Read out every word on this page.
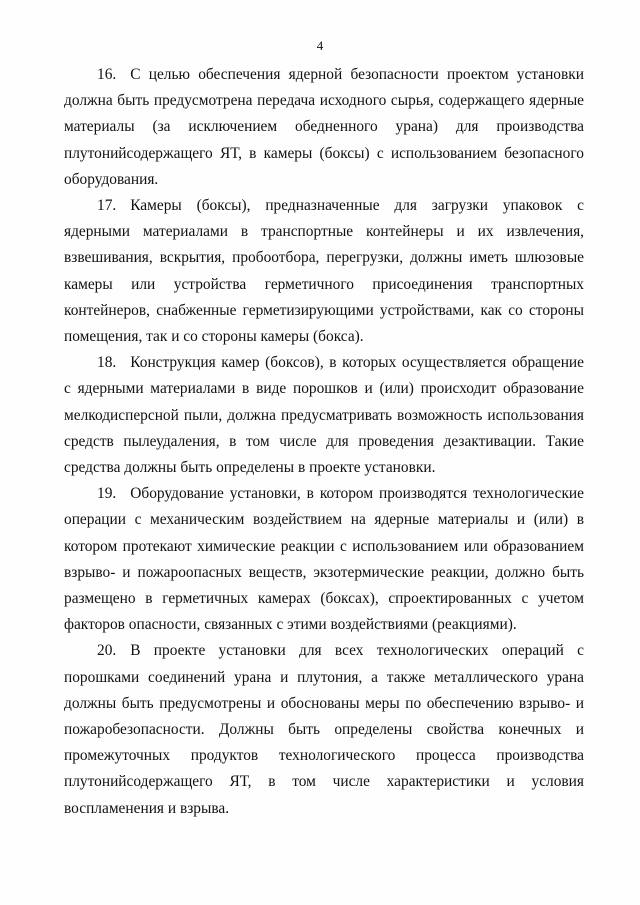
4

16. С целью обеспечения ядерной безопасности проектом установки должна быть предусмотрена передача исходного сырья, содержащего ядерные материалы (за исключением обедненного урана) для производства плутонийсодержащего ЯТ, в камеры (боксы) с использованием безопасного оборудования.

17. Камеры (боксы), предназначенные для загрузки упаковок с ядерными материалами в транспортные контейнеры и их извлечения, взвешивания, вскрытия, пробоотбора, перегрузки, должны иметь шлюзовые камеры или устройства герметичного присоединения транспортных контейнеров, снабженные герметизирующими устройствами, как со стороны помещения, так и со стороны камеры (бокса).

18. Конструкция камер (боксов), в которых осуществляется обращение с ядерными материалами в виде порошков и (или) происходит образование мелкодисперсной пыли, должна предусматривать возможность использования средств пылеудаления, в том числе для проведения дезактивации. Такие средства должны быть определены в проекте установки.

19. Оборудование установки, в котором производятся технологические операции с механическим воздействием на ядерные материалы и (или) в котором протекают химические реакции с использованием или образованием взрыво- и пожароопасных веществ, экзотермические реакции, должно быть размещено в герметичных камерах (боксах), спроектированных с учетом факторов опасности, связанных с этими воздействиями (реакциями).

20. В проекте установки для всех технологических операций с порошками соединений урана и плутония, а также металлического урана должны быть предусмотрены и обоснованы меры по обеспечению взрыво- и пожаробезопасности. Должны быть определены свойства конечных и промежуточных продуктов технологического процесса производства плутонийсодержащего ЯТ, в том числе характеристики и условия воспламенения и взрыва.
